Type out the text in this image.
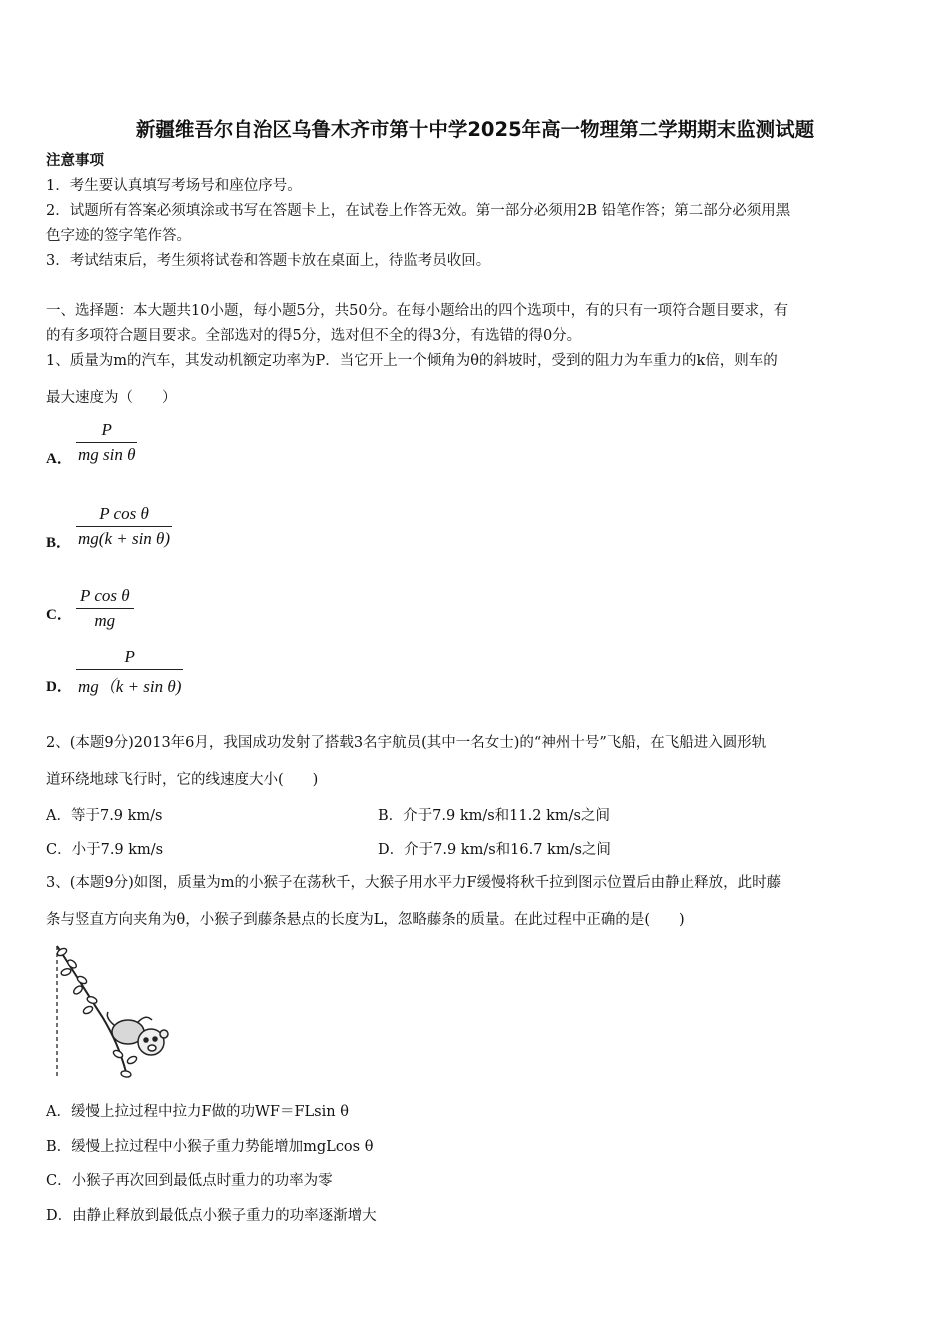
新疆维吾尔自治区乌鲁木齐市第十中学2025年高一物理第二学期期末监测试题
注意事项
1．考生要认真填写考场号和座位序号。
2．试题所有答案必须填涂或书写在答题卡上，在试卷上作答无效。第一部分必须用2B 铅笔作答；第二部分必须用黑
色字迹的签字笔作答。
3．考试结束后，考生须将试卷和答题卡放在桌面上，待监考员收回。
一、选择题：本大题共10小题，每小题5分，共50分。在每小题给出的四个选项中，有的只有一项符合题目要求，有
的有多项符合题目要求。全部选对的得5分，选对但不全的得3分，有选错的得0分。
1、质量为m的汽车，其发动机额定功率为P．当它开上一个倾角为θ的斜坡时，受到的阻力为车重力的k倍，则车的
最大速度为（　　）
A．
P
mg sin θ
B．
P cos θ
mg(k + sin θ)
C．
P cos θ
mg
D．
P
mg（k + sin θ)
2、(本题9分)2013年6月，我国成功发射了搭载3名宇航员(其中一名女士)的“神州十号”飞船，在飞船进入圆形轨
道环绕地球飞行时，它的线速度大小(　　)
A．等于7.9 km/s	B．介于7.9 km/s和11.2 km/s之间
C．小于7.9 km/s	D．介于7.9 km/s和16.7 km/s之间
3、(本题9分)如图，质量为m的小猴子在荡秋千，大猴子用水平力F缓慢将秋千拉到图示位置后由静止释放，此时藤
条与竖直方向夹角为θ，小猴子到藤条悬点的长度为L，忽略藤条的质量。在此过程中正确的是(　　)
A．缓慢上拉过程中拉力F做的功WF＝FLsin θ
B．缓慢上拉过程中小猴子重力势能增加mgLcos θ
C．小猴子再次回到最低点时重力的功率为零
D．由静止释放到最低点小猴子重力的功率逐渐增大
